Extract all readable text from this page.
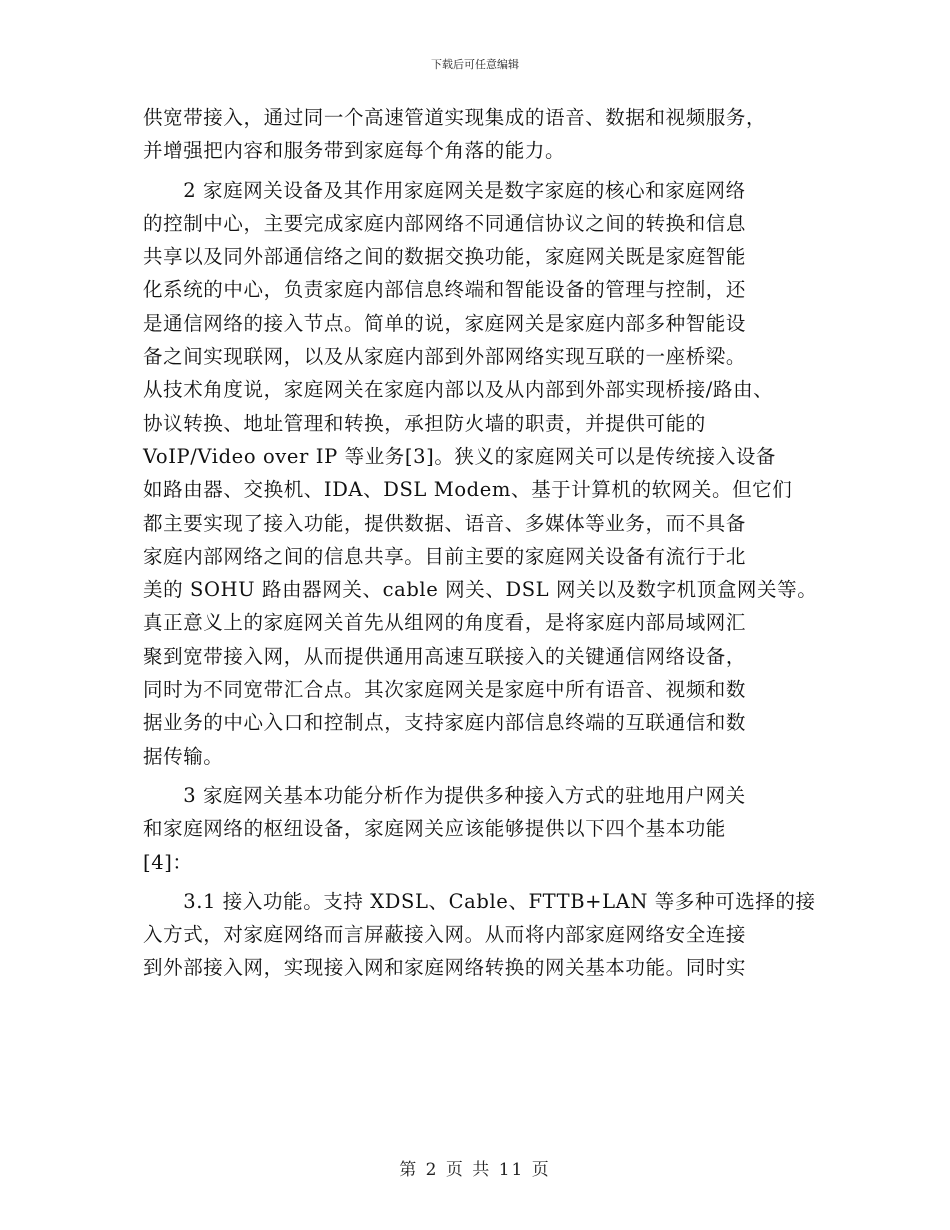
下载后可任意编辑
供宽带接入，通过同一个高速管道实现集成的语音、数据和视频服务，
并增强把内容和服务带到家庭每个角落的能力。
　　2 家庭网关设备及其作用家庭网关是数字家庭的核心和家庭网络
的控制中心，主要完成家庭内部网络不同通信协议之间的转换和信息
共享以及同外部通信络之间的数据交换功能，家庭网关既是家庭智能
化系统的中心，负责家庭内部信息终端和智能设备的管理与控制，还
是通信网络的接入节点。简单的说，家庭网关是家庭内部多种智能设
备之间实现联网，以及从家庭内部到外部网络实现互联的一座桥梁。
从技术角度说，家庭网关在家庭内部以及从内部到外部实现桥接/路由、
协议转换、地址管理和转换，承担防火墙的职责，并提供可能的
VoIP/Video over IP 等业务[3]。狭义的家庭网关可以是传统接入设备
如路由器、交换机、IDA、DSL Modem、基于计算机的软网关。但它们
都主要实现了接入功能，提供数据、语音、多媒体等业务，而不具备
家庭内部网络之间的信息共享。目前主要的家庭网关设备有流行于北
美的 SOHU 路由器网关、cable 网关、DSL 网关以及数字机顶盒网关等。
真正意义上的家庭网关首先从组网的角度看，是将家庭内部局域网汇
聚到宽带接入网，从而提供通用高速互联接入的关键通信网络设备，
同时为不同宽带汇合点。其次家庭网关是家庭中所有语音、视频和数
据业务的中心入口和控制点，支持家庭内部信息终端的互联通信和数
据传输。
　　3 家庭网关基本功能分析作为提供多种接入方式的驻地用户网关
和家庭网络的枢纽设备，家庭网关应该能够提供以下四个基本功能
[4]：
　　3.1 接入功能。支持 XDSL、Cable、FTTB+LAN 等多种可选择的接
入方式，对家庭网络而言屏蔽接入网。从而将内部家庭网络安全连接
到外部接入网，实现接入网和家庭网络转换的网关基本功能。同时实
第 2 页 共 11 页
